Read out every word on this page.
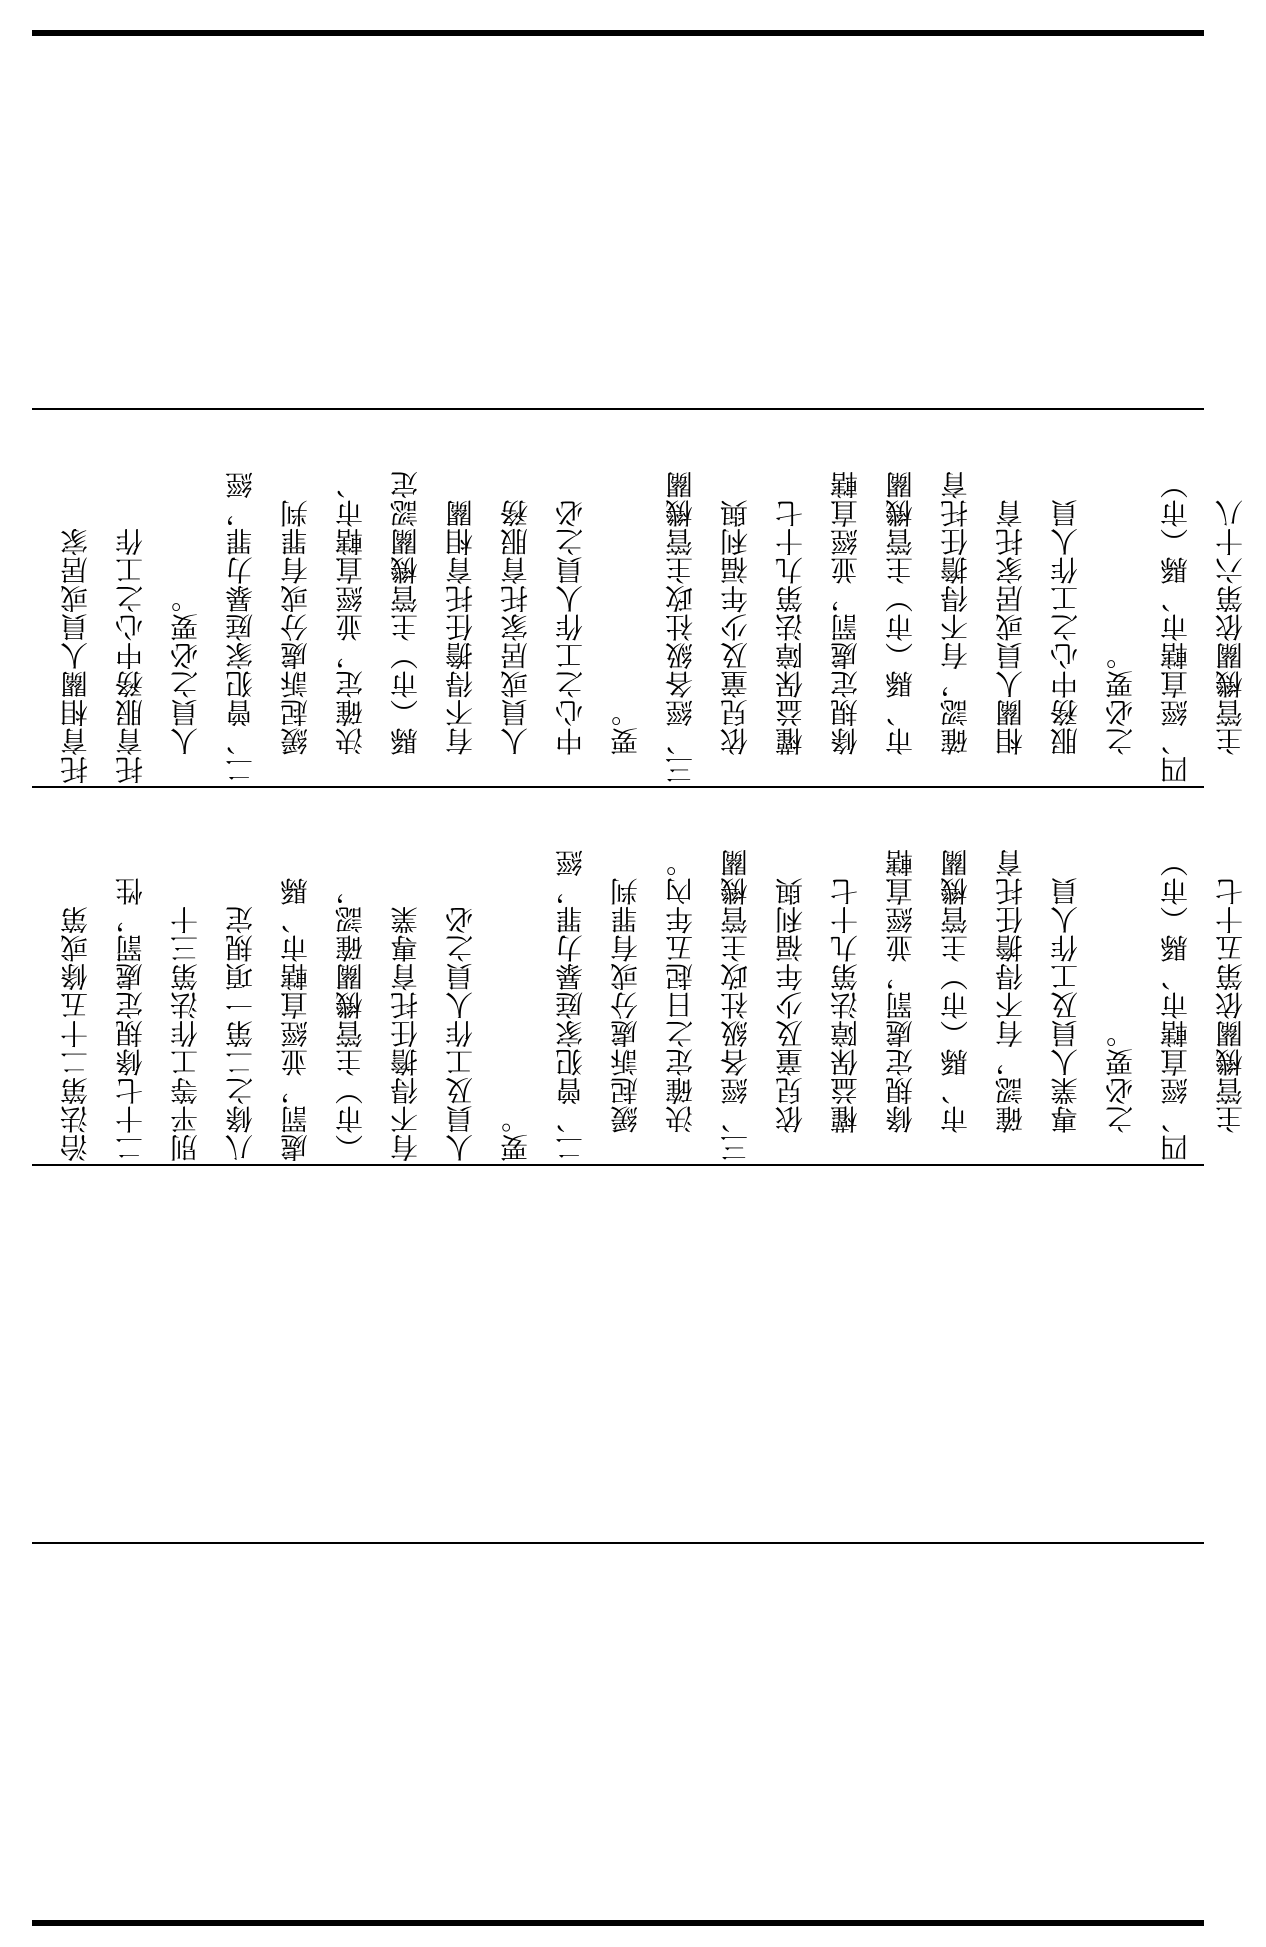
托育相關人員或居家 托育服務中心之工作 　人員之必要。 二、曾犯家庭暴力罪，經 　緩起訴處分或有罪判 　決確定，並經直轄市、 　縣（市）主管機關認定 　有不得擔任托育相關 　人員或居家托育服務 　中心之工作人員之必 　要。 三、經各級社政主管機關 　依兒童及少年福利與 　權益保障法第九十七 　條規定處罰，並經直轄 　市、縣（市）主管機關 　確認，有不得擔任托育 　相關人員或居家托育 　服務中心之工作人員 　之必要。 四、經直轄市、縣（市） 　主管機關依第六十八
治法第二十五條或第 二十七條規定處罰，性 別平等工作法第三十 八條之二第一項規定 處罰，並經直轄市、縣 （市）主管機關確認， 有不得擔任托育專業 人員及工作人員之必 要。 二、曾犯家庭暴力罪，經 　緩起訴處分或有罪判 　決確定之日起五年內。 三、經各級社政主管機關 　依兒童及少年福利與 　權益保障法第九十七 　條規定處罰，並經直轄 　市、縣（市）主管機關 　確認，有不得擔任托育 　專業人員及工作人員 　之必要。 四、經直轄市、縣（市） 　主管機關依第五十七
